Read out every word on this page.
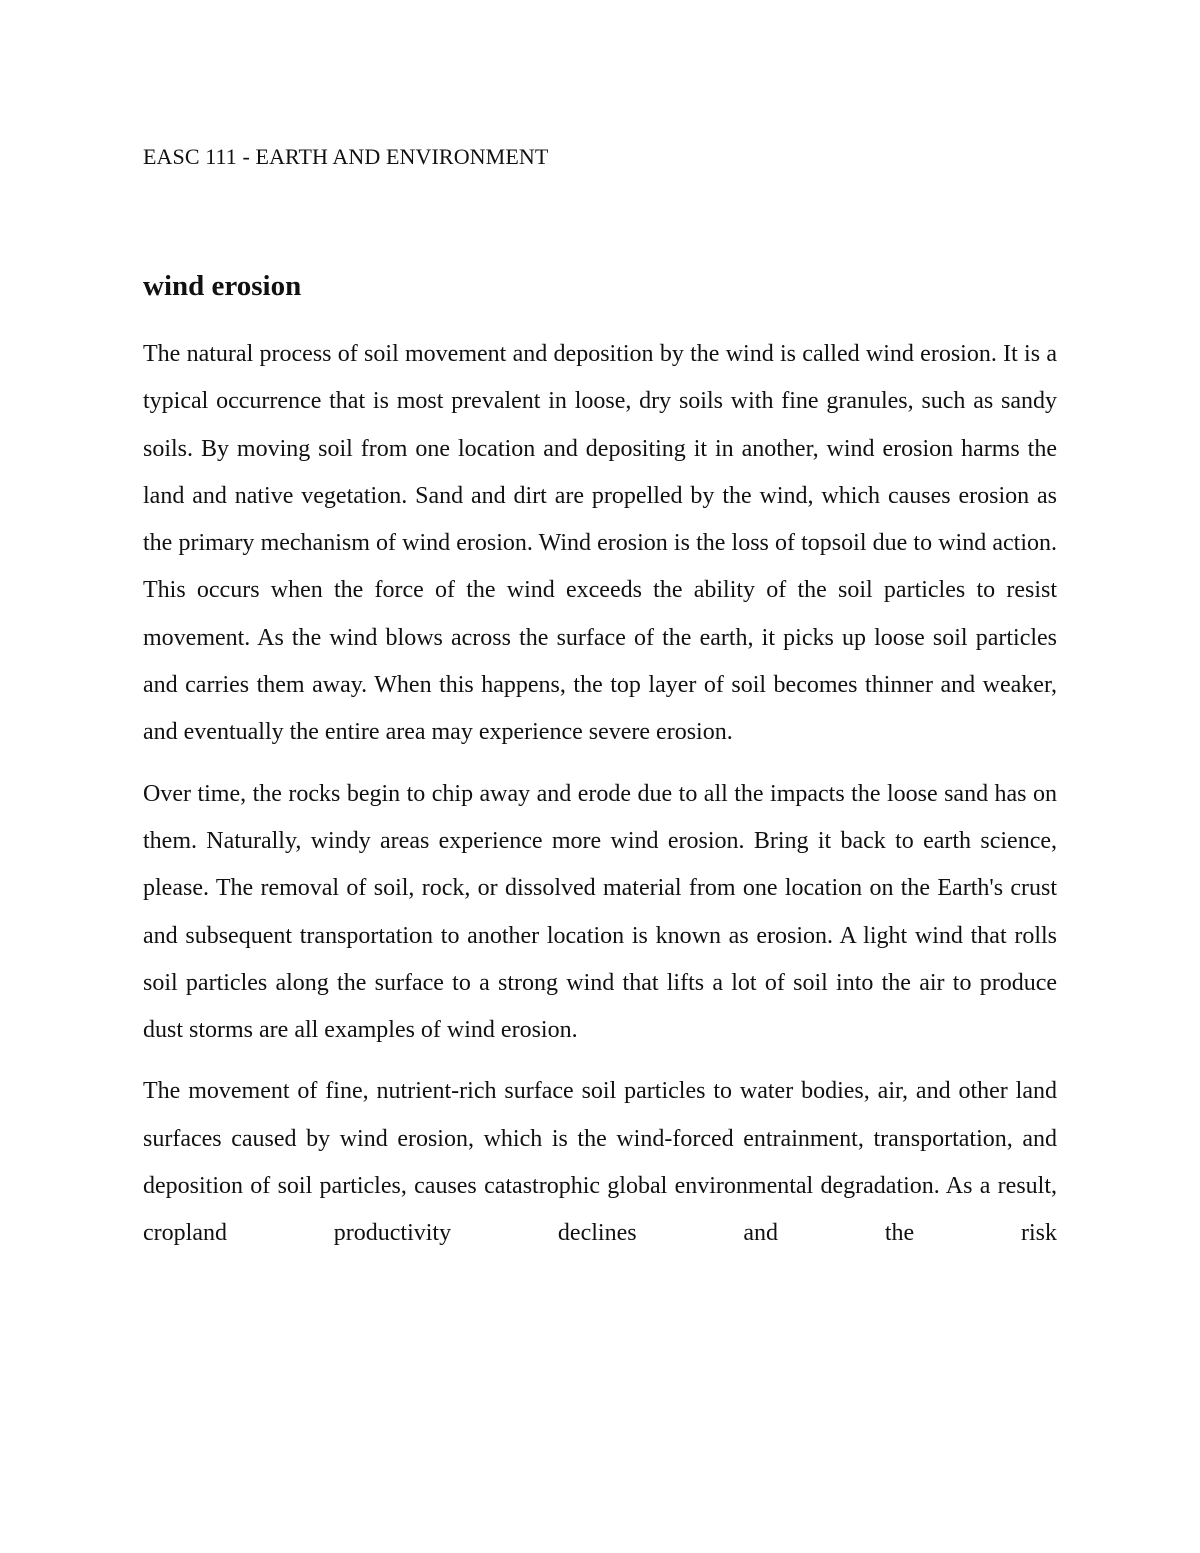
EASC 111 - EARTH AND ENVIRONMENT
wind erosion

The natural process of soil movement and deposition by the wind is called wind erosion. It is a typical occurrence that is most prevalent in loose, dry soils with fine granules, such as sandy soils. By moving soil from one location and depositing it in another, wind erosion harms the land and native vegetation. Sand and dirt are propelled by the wind, which causes erosion as the primary mechanism of wind erosion. Wind erosion is the loss of topsoil due to wind action. This occurs when the force of the wind exceeds the ability of the soil particles to resist movement. As the wind blows across the surface of the earth, it picks up loose soil particles and carries them away. When this happens, the top layer of soil becomes thinner and weaker, and eventually the entire area may experience severe erosion.

Over time, the rocks begin to chip away and erode due to all the impacts the loose sand has on them. Naturally, windy areas experience more wind erosion. Bring it back to earth science, please. The removal of soil, rock, or dissolved material from one location on the Earth's crust and subsequent transportation to another location is known as erosion. A light wind that rolls soil particles along the surface to a strong wind that lifts a lot of soil into the air to produce dust storms are all examples of wind erosion.

The movement of fine, nutrient-rich surface soil particles to water bodies, air, and other land surfaces caused by wind erosion, which is the wind-forced entrainment, transportation, and deposition of soil particles, causes catastrophic global environmental degradation. As a result, cropland productivity declines and the risk
